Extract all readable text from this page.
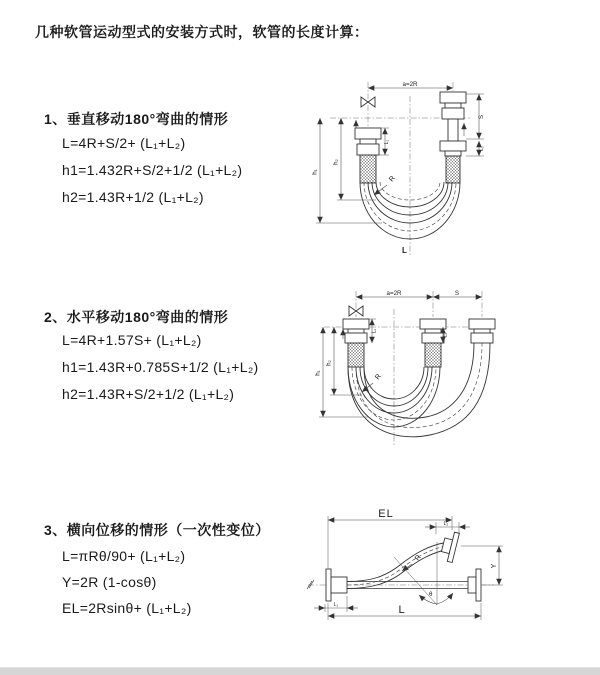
几种软管运动型式的安装方式时，软管的长度计算：
1、垂直移动180°弯曲的情形
L=4R+S/2+ (L₁+L₂)
h1=1.432R+S/2+1/2 (L₁+L₂)
h2=1.43R+1/2 (L₁+L₂)
a=2R
L₁
S
L₂
h₁
h₂
R
L
2、水平移动180°弯曲的情形
L=4R+1.57S+ (L₁+L₂)
h1=1.43R+0.785S+1/2 (L₁+L₂)
h2=1.43R+S/2+1/2 (L₁+L₂)
a=2R	S
L₁
L₂
h₁
h₂
R
3、横向位移的情形（一次性变位）
L=πRθ/90+ (L₁+L₂)
Y=2R (1-cosθ)
EL=2Rsinθ+ (L₁+L₂)
EL
L₂
θ
R
Y
L₁	L
